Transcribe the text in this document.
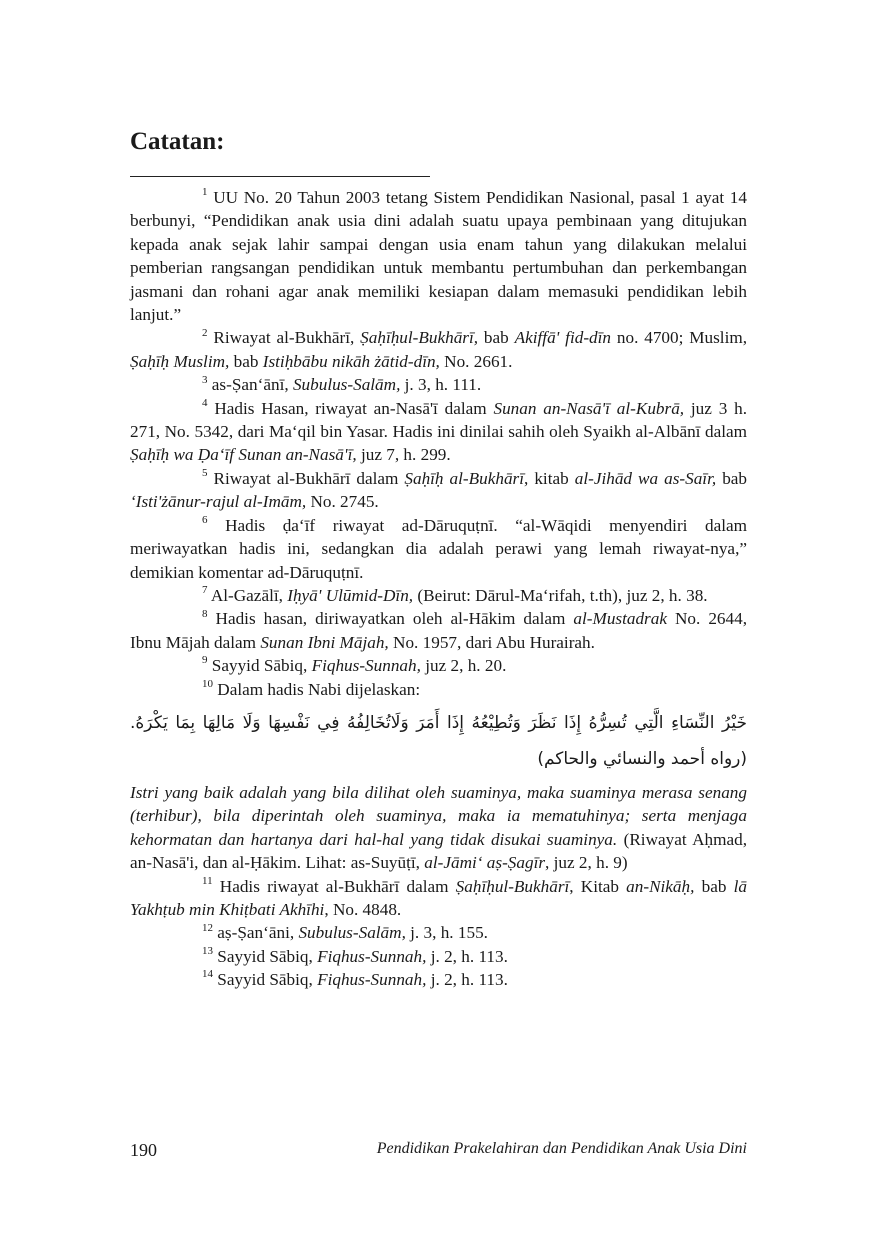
Catatan:

$^1$ UU No. 20 Tahun 2003 tetang Sistem Pendidikan Nasional, pasal 1 ayat 14 berbunyi, “Pendidikan anak usia dini adalah suatu upaya pembinaan yang ditujukan kepada anak sejak lahir sampai dengan usia enam tahun yang dilakukan melalui pemberian rangsangan pendidikan untuk membantu pertumbuhan dan perkembangan jasmani dan rohani agar anak memiliki kesiapan dalam memasuki pendidikan lebih lanjut.”

$^2$ Riwayat al-Bukhārī, Ṣaḥīḥul-Bukhārī, bab Akiffā' fid-dīn no. 4700; Muslim, Ṣaḥīḥ Muslim, bab Istiḥbābu nikāh żātid-dīn, No. 2661.

$^3$ as-Ṣan‘ānī, Subulus-Salām, j. 3, h. 111.

$^4$ Hadis Hasan, riwayat an-Nasā'ī dalam Sunan an-Nasā'ī al-Kubrā, juz 3 h. 271, No. 5342, dari Ma‘qil bin Yasar. Hadis ini dinilai sahih oleh Syaikh al-Albānī dalam Ṣaḥīḥ wa Ḍa‘īf Sunan an-Nasā'ī, juz 7, h. 299.

$^5$ Riwayat al-Bukhārī dalam Ṣaḥīḥ al-Bukhārī, kitab al-Jihād wa as-Saīr, bab ‘Isti'żānur-rajul al-Imām, No. 2745.

$^6$ Hadis ḍa‘īf riwayat ad-Dāruquṭnī. “al-Wāqidi menyendiri dalam meriwayatkan hadis ini, sedangkan dia adalah perawi yang lemah riwayat-nya,” demikian komentar ad-Dāruquṭnī.

$^7$ Al-Gazālī, Iḥyā' Ulūmid-Dīn, (Beirut: Dārul-Ma‘rifah, t.th), juz 2, h. 38.

$^8$ Hadis hasan, diriwayatkan oleh al-Hākim dalam al-Mustadrak No. 2644, Ibnu Mājah dalam Sunan Ibni Mājah, No. 1957, dari Abu Hurairah.

$^9$ Sayyid Sābiq, Fiqhus-Sunnah, juz 2, h. 20.

$^{10}$ Dalam hadis Nabi dijelaskan:

خَيْرُ النِّسَاءِ الَّتِي تُسِرُّهُ إِذَا نَظَرَ وَتُطِيْعُهُ إِذَا أَمَرَ وَلَاتُخَالِفُهُ فِي نَفْسِهَا وَلَا مَالِهَا بِمَا يَكْرَهُ. (رواه أحمد والنسائي والحاكم)

Istri yang baik adalah yang bila dilihat oleh suaminya, maka suaminya merasa senang (terhibur), bila diperintah oleh suaminya, maka ia mematuhinya; serta menjaga kehormatan dan hartanya dari hal-hal yang tidak disukai suaminya. (Riwayat Aḥmad, an-Nasā'i, dan al-Ḥākim. Lihat: as-Suyūṭī, al-Jāmi‘ aṣ-Ṣagīr, juz 2, h. 9)

$^{11}$ Hadis riwayat al-Bukhārī dalam Ṣaḥīḥul-Bukhārī, Kitab an-Nikāḥ, bab lā Yakhṭub min Khiṭbati Akhīhi, No. 4848.

$^{12}$ aṣ-Ṣan‘āni, Subulus-Salām, j. 3, h. 155.

$^{13}$ Sayyid Sābiq, Fiqhus-Sunnah, j. 2, h. 113.

$^{14}$ Sayyid Sābiq, Fiqhus-Sunnah, j. 2, h. 113.

190	Pendidikan Prakelahiran dan Pendidikan Anak Usia Dini
